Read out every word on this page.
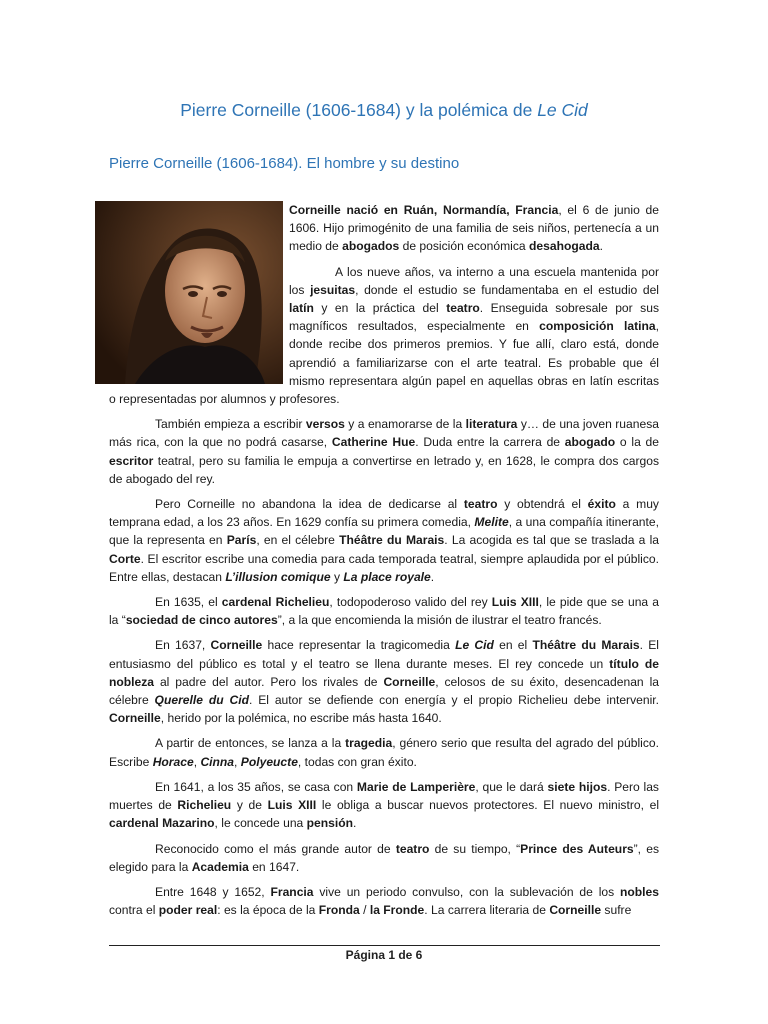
Pierre Corneille (1606-1684) y la polémica de Le Cid
Pierre Corneille (1606-1684). El hombre y su destino

Corneille nació en Ruán, Normandía, Francia, el 6 de junio de 1606. Hijo primogénito de una familia de seis niños, pertenecía a un medio de abogados de posición económica desahogada.

A los nueve años, va interno a una escuela mantenida por los jesuitas, donde el estudio se fundamentaba en el estudio del latín y en la práctica del teatro. Enseguida sobresale por sus magníficos resultados, especialmente en composición latina, donde recibe dos primeros premios. Y fue allí, claro está, donde aprendió a familiarizarse con el arte teatral. Es probable que él mismo representara algún papel en aquellas obras en latín escritas o representadas por alumnos y profesores.

También empieza a escribir versos y a enamorarse de la literatura y… de una joven ruanesa más rica, con la que no podrá casarse, Catherine Hue. Duda entre la carrera de abogado o la de escritor teatral, pero su familia le empuja a convertirse en letrado y, en 1628, le compra dos cargos de abogado del rey.

Pero Corneille no abandona la idea de dedicarse al teatro y obtendrá el éxito a muy temprana edad, a los 23 años. En 1629 confía su primera comedia, Melite, a una compañía itinerante, que la representa en París, en el célebre Théâtre du Marais. La acogida es tal que se traslada a la Corte. El escritor escribe una comedia para cada temporada teatral, siempre aplaudida por el público. Entre ellas, destacan L’illusion comique y La place royale.

En 1635, el cardenal Richelieu, todopoderoso valido del rey Luis XIII, le pide que se una a la “sociedad de cinco autores”, a la que encomienda la misión de ilustrar el teatro francés.

En 1637, Corneille hace representar la tragicomedia Le Cid en el Théâtre du Marais. El entusiasmo del público es total y el teatro se llena durante meses. El rey concede un título de nobleza al padre del autor. Pero los rivales de Corneille, celosos de su éxito, desencadenan la célebre Querelle du Cid. El autor se defiende con energía y el propio Richelieu debe intervenir. Corneille, herido por la polémica, no escribe más hasta 1640.

A partir de entonces, se lanza a la tragedia, género serio que resulta del agrado del público. Escribe Horace, Cinna, Polyeucte, todas con gran éxito.

En 1641, a los 35 años, se casa con Marie de Lamperière, que le dará siete hijos. Pero las muertes de Richelieu y de Luis XIII le obliga a buscar nuevos protectores. El nuevo ministro, el cardenal Mazarino, le concede una pensión.

Reconocido como el más grande autor de teatro de su tiempo, “Prince des Auteurs”, es elegido para la Academia en 1647.

Entre 1648 y 1652, Francia vive un periodo convulso, con la sublevación de los nobles contra el poder real: es la época de la Fronda / la Fronde. La carrera literaria de Corneille sufre

Página 1 de 6
